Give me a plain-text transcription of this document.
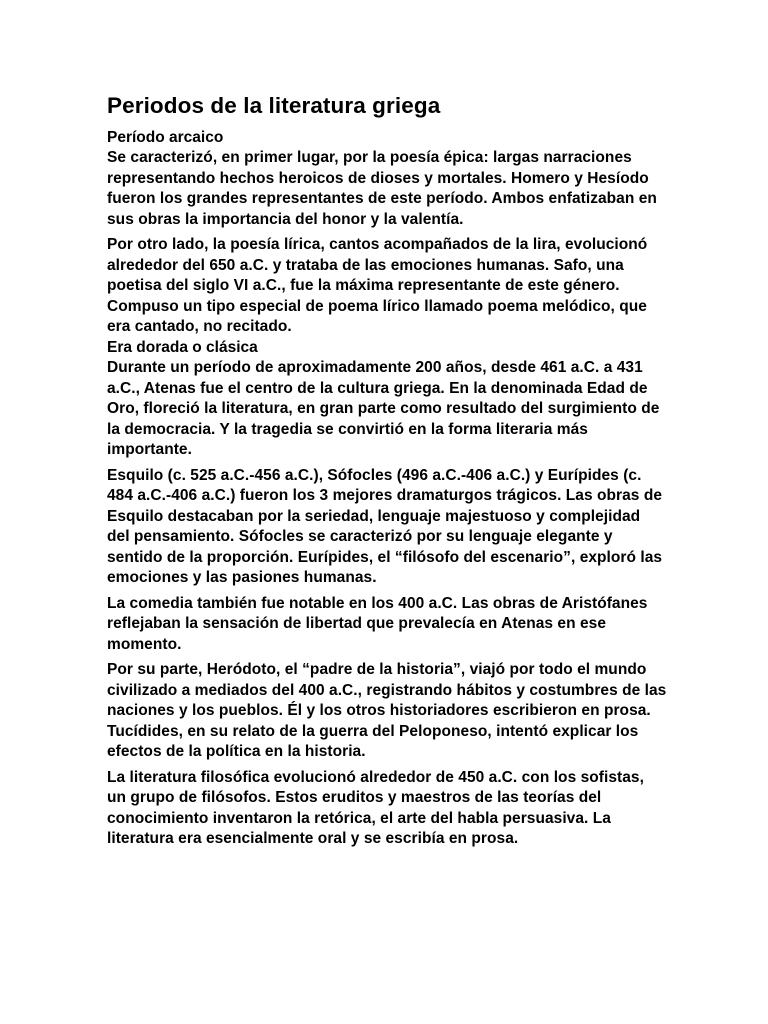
Periodos de la literatura griega

Período arcaico

Se caracterizó, en primer lugar, por la poesía épica: largas narraciones representando hechos heroicos de dioses y mortales. Homero y Hesíodo fueron los grandes representantes de este período. Ambos enfatizaban en sus obras la importancia del honor y la valentía.

Por otro lado, la poesía lírica, cantos acompañados de la lira, evolucionó alrededor del 650 a.C. y trataba de las emociones humanas. Safo, una poetisa del siglo VI a.C., fue la máxima representante de este género. Compuso un tipo especial de poema lírico llamado poema melódico, que era cantado, no recitado.

Era dorada o clásica

Durante un período de aproximadamente 200 años, desde 461 a.C. a 431 a.C., Atenas fue el centro de la cultura griega. En la denominada Edad de Oro, floreció la literatura, en gran parte como resultado del surgimiento de la democracia. Y la tragedia se convirtió en la forma literaria más importante.

Esquilo (c. 525 a.C.-456 a.C.), Sófocles (496 a.C.-406 a.C.) y Eurípides (c. 484 a.C.-406 a.C.) fueron los 3 mejores dramaturgos trágicos. Las obras de Esquilo destacaban por la seriedad, lenguaje majestuoso y complejidad del pensamiento. Sófocles se caracterizó por su lenguaje elegante y sentido de la proporción. Eurípides, el “filósofo del escenario”, exploró las emociones y las pasiones humanas.

La comedia también fue notable en los 400 a.C. Las obras de Aristófanes reflejaban la sensación de libertad que prevalecía en Atenas en ese momento.

Por su parte, Heródoto, el “padre de la historia”, viajó por todo el mundo civilizado a mediados del 400 a.C., registrando hábitos y costumbres de las naciones y los pueblos. Él y los otros historiadores escribieron en prosa. Tucídides, en su relato de la guerra del Peloponeso, intentó explicar los efectos de la política en la historia.

La literatura filosófica evolucionó alrededor de 450 a.C. con los sofistas, un grupo de filósofos. Estos eruditos y maestros de las teorías del conocimiento inventaron la retórica, el arte del habla persuasiva. La literatura era esencialmente oral y se escribía en prosa.
